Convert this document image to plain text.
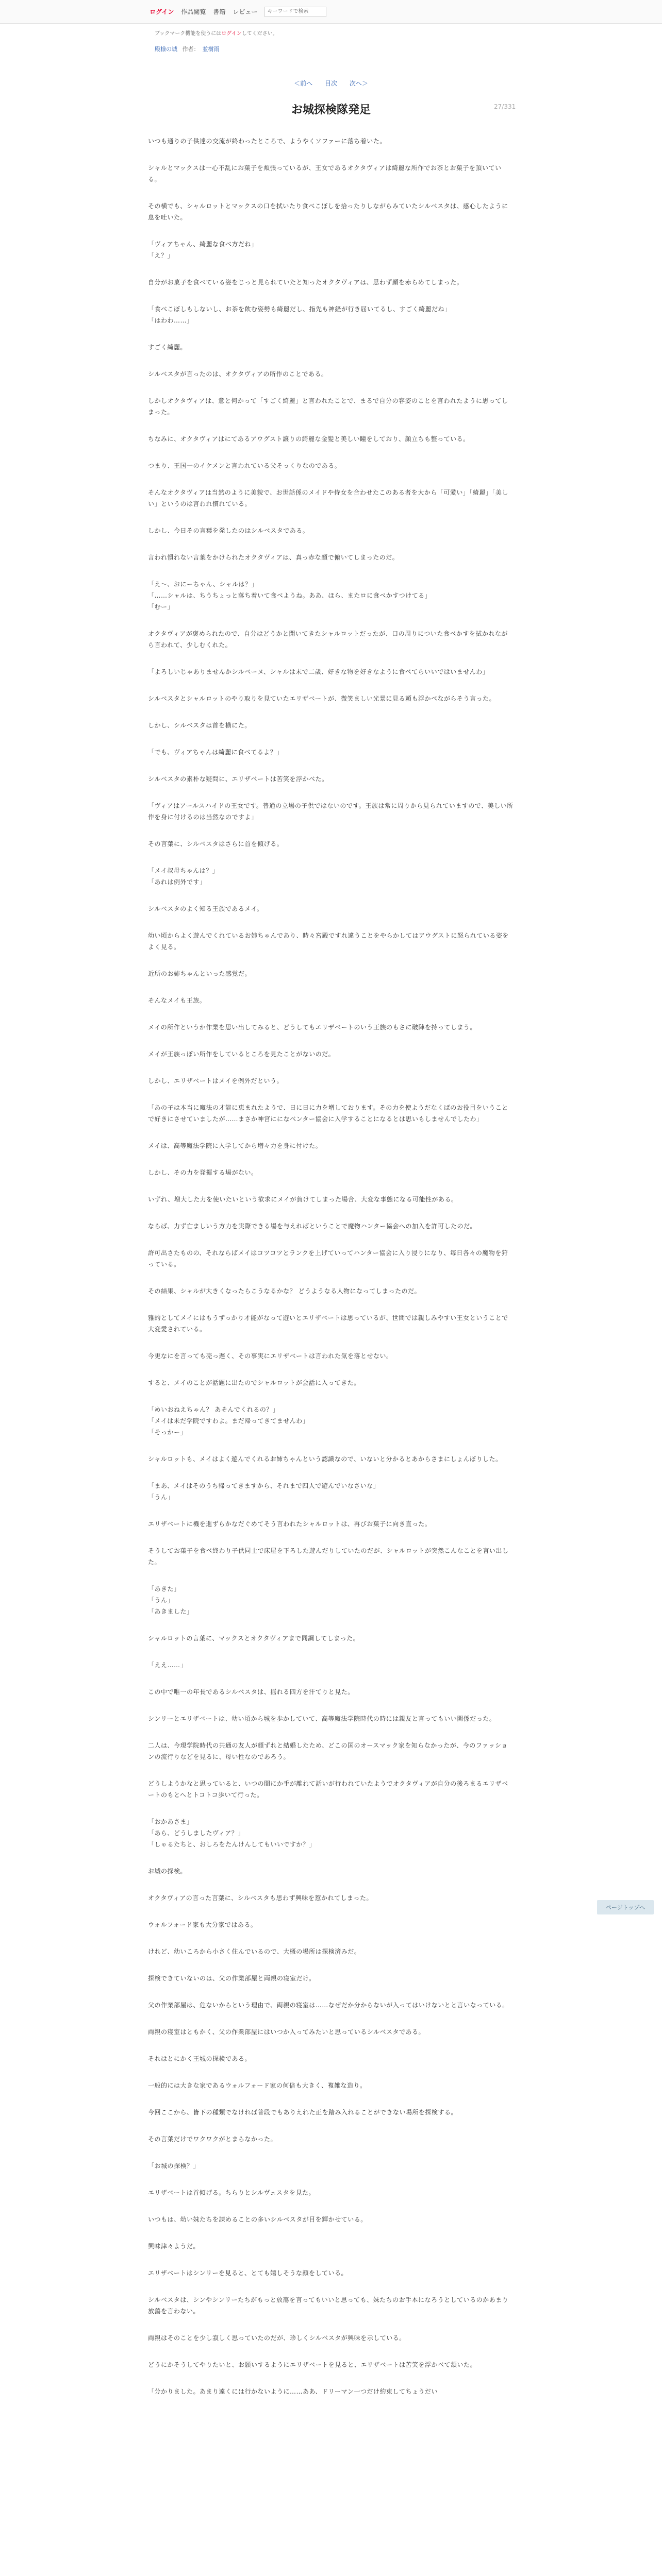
ログイン 作品閲覧 書籍 レビュー
キーワードで検索
ブックマーク機能を使うにはログインしてください。
殿様の城 作者： 並樹雨
＜前へ 目次 次へ＞
27/331
お城探検隊発足

いつも通りの子供達の交流が終わったところで、ようやくソファーに落ち着いた。

シャルとマックスは一心不乱にお菓子を頬張っているが、王女であるオクタヴィアは綺麗な所作でお茶とお菓子を頂いている。

その横でも、シャルロットとマックスの口を拭いたり食べこぼしを拾ったりしながらみていたシルベスタは、感心したように息を吐いた。

「ヴィアちゃん、綺麗な食べ方だね」
「え？」

自分がお菓子を食べている姿をじっと見られていたと知ったオクタヴィアは、思わず顔を赤らめてしまった。

「食べこぼしもしないし、お茶を飲む姿勢も綺麗だし、指先も神経が行き届いてるし、すごく綺麗だね」
「はわわ……」

すごく綺麗。

シルベスタが言ったのは、オクタヴィアの所作のことである。

しかしオクタヴィアは、意と何かって「すごく綺麗」と言われたことで、まるで自分の容姿のことを言われたように思ってしまった。

ちなみに、オクタヴィアはにてあるアウグスト譲りの綺麗な金髪と美しい瞳をしており、顔立ちも整っている。

つまり、王国一のイケメンと言われている父そっくりなのである。

そんなオクタヴィアは当然のように美貌で、お世話係のメイドや侍女を合わせたこのある者を大から「可愛い」「綺麗」「美しい」というのは言われ慣れている。

しかし、今日その言葉を発したのはシルベスタである。

言われ慣れない言葉をかけられたオクタヴィアは、真っ赤な顔で俯いてしまったのだ。

「え～、おにーちゃん、シャルは？」
「……シャルは、ちうちょっと落ち着いて食べようね。ああ、ほら、またロに食べかすつけてる」
「むー」

オクタヴィアが褒められたので、自分はどうかと聞いてきたシャルロットだったが、口の周りについた食べかすを拭かれながら言われて、少しむくれた。

「よろしいじゃありませんかシルベーヌ、シャルは末で二歳、好きな物を好きなように食べてらいいではいませんわ」

シルベスタとシャルロットのやり取りを見ていたエリザベートが、微笑ましい光景に見る頼も浮かべながらそう言った。

しかし、シルベスタは首を横にた。

「でも、ヴィアちゃんは綺麗に食べてるよ？」

シルベスタの素朴な疑問に、エリザベートは苦笑を浮かべた。

「ヴィアはアールスハイドの王女です。普通の立場の子供ではないのです。王族は常に周りから見られていますので、美しい所作を身に付けるのは当然なのですよ」

その言葉に、シルベスタはさらに首を傾げる。

「メイ叔母ちゃんは？」
「あれは例外です」

シルベスタのよく知る王族であるメイ。

幼い頃からよく遊んでくれているお姉ちゃんであり、時々宮殿ですれ違うことをやらかしてはアウグストに怒られている姿をよく見る。

近所のお姉ちゃんといった感覚だ。

そんなメイも王族。

メイの所作というか作業を思い出してみると、どうしてもエリザベートのいう王族のもさに破陣を持ってしまう。

メイが王族っぽい所作をしているところを見たことがないのだ。

しかし、エリザベートはメイを例外だという。

「あの子は本当に魔法の才能に恵まれたようで、日に日に力を増しております。その力を使ようだなくばのお役目をいうことで好きにさせていましたが……まさか神宮にになべンター協会に入学することになるとは思いもしませんでしたわ」

メイは、高等魔法学院に入学してから増々力を身に付けた。

しかし、その力を発揮する場がない。

いずれ、増大した力を使いたいという欲求にメイが負けてしまった場合、大変な事態になる可能性がある。

ならば、力ず亡ましいう方力を実際できる場を与えればということで魔物ハンター協会への加入を許可したのだ。

許可出さたものの、それならばメイはコツコツとランクを上げていってハンター協会に入り浸りになり、毎日各々の魔物を狩っている。

その結果、シャルが大きくなったらこうなるかな？ どうようなる人物になってしまったのだ。

雅的としてメイにはもうずっかり才能がなって遊いとエリザベートは思っているが、世間では親しみやすい王女ということで大変愛されている。

今更なにを言っても売っ遅く、その事実にエリザベートは言われた気を落とせない。

すると、メイのことが話題に出たのでシャルロットが会話に入ってきた。

「めいおねえちゃん？ あそんでくれるの？」
「メイは未だ学院ですわよ。まだ帰ってきてませんわ」
「そっかー」

シャルロットも、メイはよく遊んでくれるお姉ちゃんという認識なので、いないと分かるとあからさまにしょんぼりした。

「まあ、メイはそのうち帰ってきますから、それまで四人で遊んでいなさいな」
「うん」

エリザベートに機を進ずらかなだぐめてそう言われたシャルロットは、再びお菓子に向き直った。

そうしてお菓子を食べ終わり子供同士で床屋を下ろした遊んだりしていたのだが、シャルロットが突然こんなことを言い出した。

「あきた」
「うん」
「あきました」

シャルロットの言葉に、マックスとオクタヴィアまで同調してしまった。

「ええ……」

この中で唯一の年長であるシルベスタは、揺れる四方を汗てりと見た。

シンリーとエリザベートは、幼い頃から城を歩かしていて、高等魔法学院時代の時には親友と言ってもいい関係だった。

二人は、今現学院時代の共通の友人が顔ずれと結婚したため、どこの国のオースマック家を知らなかったが、今のファッションの流行りなどを見るに、母い性なのであろう。

どうしようかなと思っていると、いつの間にか手が離れて話いが行われていたようでオクタヴィアが自分の後ろまるエリザベートのもとへとトコトコ歩いて行った。

「おかあさま」
「あら、どうしましたヴィア？」
「しゃるたちと、おしろをたんけんしてもいいですか？」

お城の探検。

オクタヴィアの言った言葉に、シルベスタも思わず興味を惹かれてしまった。

ウォルフォード家も大分家ではある。

けれど、幼いころから小さく住んでいるので、大概の場所は探検済みだ。

探検できていないのは、父の作業部屋と両親の寝室だけ。

父の作業部屋は、危ないからという理由で、両親の寝室は……なぜだか分からないが入ってはいけないとと言いなっている。

両親の寝室はともかく、父の作業部屋にはいつか入ってみたいと思っているシルベスタである。

それはとにかく王城の探検である。

一般的には大きな家であるウォルフォード家の何倍も大きく、複雑な造り。

今回ここから、皆下の種類でなければ普段でもありえれた正を踏み入れることができない場所を探検する。

その言葉だけでワクワクがとまらなかった。

「お城の探検？」

エリザベートは首傾げる。ちらりとシルヴェスタを見た。

いつもは、幼い妹たちを諌めることの多いシルベスタが目を輝かせている。

興味津々ようだ。

エリザベートはシンリーを見ると、とても嬉しそうな顔をしている。

シルベスタは、シンやシンリーたちがもっと放蕩を言ってもいいと思っても、妹たちのお手本になろうとしているのかあまり放蕩を言わない。

両親はそのことを少し寂しく思っていたのだが、珍しくシルベスタが興味を示している。

どうにかそうしてやりたいと、お願いするようにエリザベートを見ると、エリザベートは苦笑を浮かべて頷いた。

「分かりました。あまり遠くには行かないように……ああ、ドリーマン一つだけ約束してちょうだい

ページトップへ
